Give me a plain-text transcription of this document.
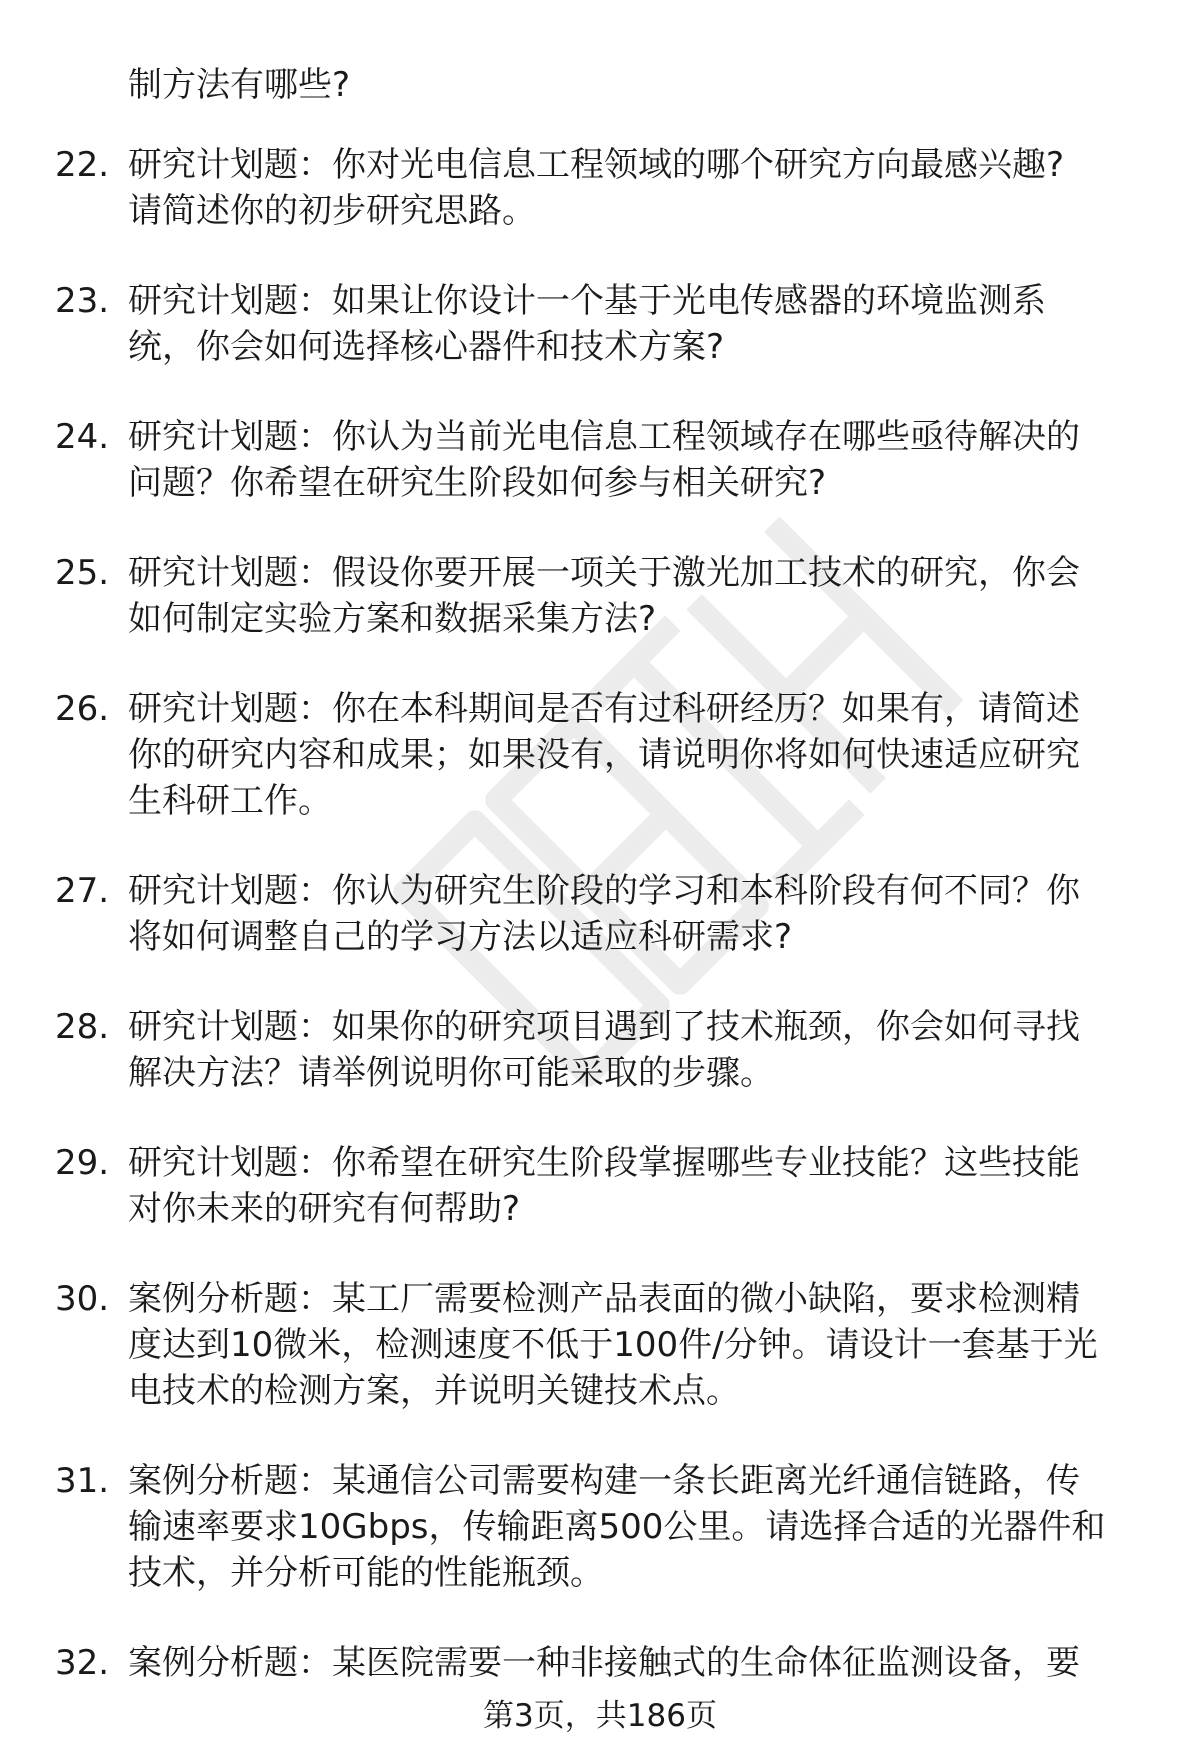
制方法有哪些?
22. 研究计划题：你对光电信息工程领域的哪个研究方向最感兴趣?
请简述你的初步研究思路。
23. 研究计划题：如果让你设计一个基于光电传感器的环境监测系
统，你会如何选择核心器件和技术方案?
24. 研究计划题：你认为当前光电信息工程领域存在哪些亟待解决的
问题？你希望在研究生阶段如何参与相关研究?
25. 研究计划题：假设你要开展一项关于激光加工技术的研究，你会
如何制定实验方案和数据采集方法?
26. 研究计划题：你在本科期间是否有过科研经历？如果有，请简述
你的研究内容和成果；如果没有，请说明你将如何快速适应研究
生科研工作。
27. 研究计划题：你认为研究生阶段的学习和本科阶段有何不同？你
将如何调整自己的学习方法以适应科研需求?
28. 研究计划题：如果你的研究项目遇到了技术瓶颈，你会如何寻找
解决方法？请举例说明你可能采取的步骤。
29. 研究计划题：你希望在研究生阶段掌握哪些专业技能？这些技能
对你未来的研究有何帮助?
30. 案例分析题：某工厂需要检测产品表面的微小缺陷，要求检测精
度达到10微米，检测速度不低于100件/分钟。请设计一套基于光
电技术的检测方案，并说明关键技术点。
31. 案例分析题：某通信公司需要构建一条长距离光纤通信链路，传
输速率要求10Gbps，传输距离500公里。请选择合适的光器件和
技术，并分析可能的性能瓶颈。
32. 案例分析题：某医院需要一种非接触式的生命体征监测设备，要
第3页，共186页
